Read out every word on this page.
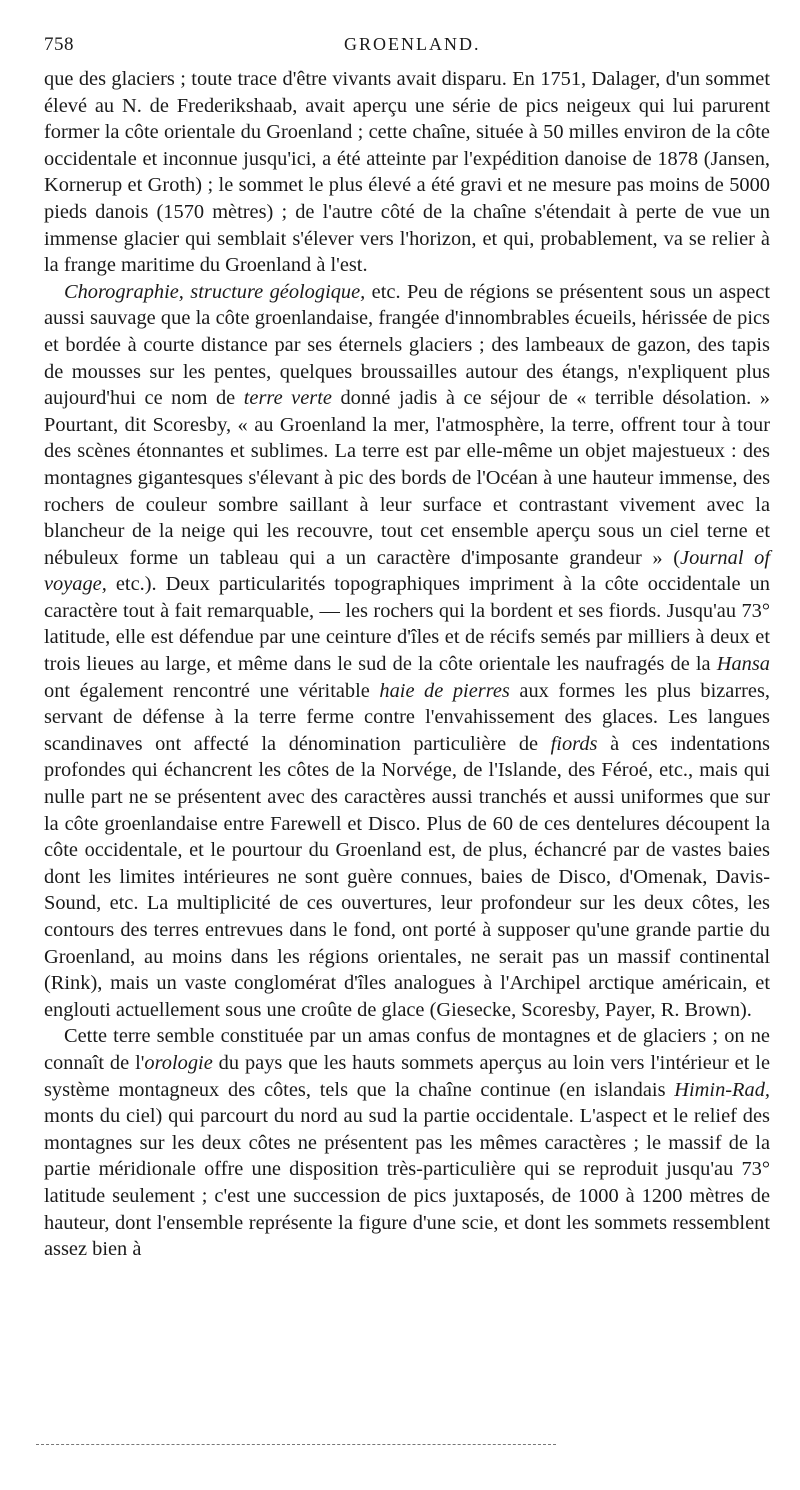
758	GROENLAND.

que des glaciers ; toute trace d'être vivants avait disparu. En 1751, Dalager, d'un sommet élevé au N. de Frederikshaab, avait aperçu une série de pics neigeux qui lui parurent former la côte orientale du Groenland ; cette chaîne, située à 50 milles environ de la côte occidentale et inconnue jusqu'ici, a été atteinte par l'expédition danoise de 1878 (Jansen, Kornerup et Groth) ; le sommet le plus élevé a été gravi et ne mesure pas moins de 5000 pieds danois (1570 mètres) ; de l'autre côté de la chaîne s'étendait à perte de vue un immense glacier qui semblait s'élever vers l'horizon, et qui, probablement, va se relier à la frange maritime du Groenland à l'est.

Chorographie, structure géologique, etc. Peu de régions se présentent sous un aspect aussi sauvage que la côte groenlandaise, frangée d'innombrables écueils, hérissée de pics et bordée à courte distance par ses éternels glaciers ; des lambeaux de gazon, des tapis de mousses sur les pentes, quelques broussailles autour des étangs, n'expliquent plus aujourd'hui ce nom de terre verte donné jadis à ce séjour de « terrible désolation. » Pourtant, dit Scoresby, « au Groenland la mer, l'atmosphère, la terre, offrent tour à tour des scènes étonnantes et sublimes. La terre est par elle-même un objet majestueux : des montagnes gigantesques s'élevant à pic des bords de l'Océan à une hauteur immense, des rochers de couleur sombre saillant à leur surface et contrastant vivement avec la blancheur de la neige qui les recouvre, tout cet ensemble aperçu sous un ciel terne et nébuleux forme un tableau qui a un caractère d'imposante grandeur » (Journal of voyage, etc.). Deux particularités topographiques impriment à la côte occidentale un caractère tout à fait remarquable, — les rochers qui la bordent et ses fiords. Jusqu'au 73° latitude, elle est défendue par une ceinture d'îles et de récifs semés par milliers à deux et trois lieues au large, et même dans le sud de la côte orientale les naufragés de la Hansa ont également rencontré une véritable haie de pierres aux formes les plus bizarres, servant de défense à la terre ferme contre l'envahissement des glaces. Les langues scandinaves ont affecté la dénomination particulière de fiords à ces indentations profondes qui échancrent les côtes de la Norvége, de l'Islande, des Féroé, etc., mais qui nulle part ne se présentent avec des caractères aussi tranchés et aussi uniformes que sur la côte groenlandaise entre Farewell et Disco. Plus de 60 de ces dentelures découpent la côte occidentale, et le pourtour du Groenland est, de plus, échancré par de vastes baies dont les limites intérieures ne sont guère connues, baies de Disco, d'Omenak, Davis-Sound, etc. La multiplicité de ces ouvertures, leur profondeur sur les deux côtes, les contours des terres entrevues dans le fond, ont porté à supposer qu'une grande partie du Groenland, au moins dans les régions orientales, ne serait pas un massif continental (Rink), mais un vaste conglomérat d'îles analogues à l'Archipel arctique américain, et englouti actuellement sous une croûte de glace (Giesecke, Scoresby, Payer, R. Brown).

Cette terre semble constituée par un amas confus de montagnes et de glaciers ; on ne connaît de l'orologie du pays que les hauts sommets aperçus au loin vers l'intérieur et le système montagneux des côtes, tels que la chaîne continue (en islandais Himin-Rad, monts du ciel) qui parcourt du nord au sud la partie occidentale. L'aspect et le relief des montagnes sur les deux côtes ne présentent pas les mêmes caractères ; le massif de la partie méridionale offre une disposition très-particulière qui se reproduit jusqu'au 73° latitude seulement ; c'est une succession de pics juxtaposés, de 1000 à 1200 mètres de hauteur, dont l'ensemble représente la figure d'une scie, et dont les sommets ressemblent assez bien à
